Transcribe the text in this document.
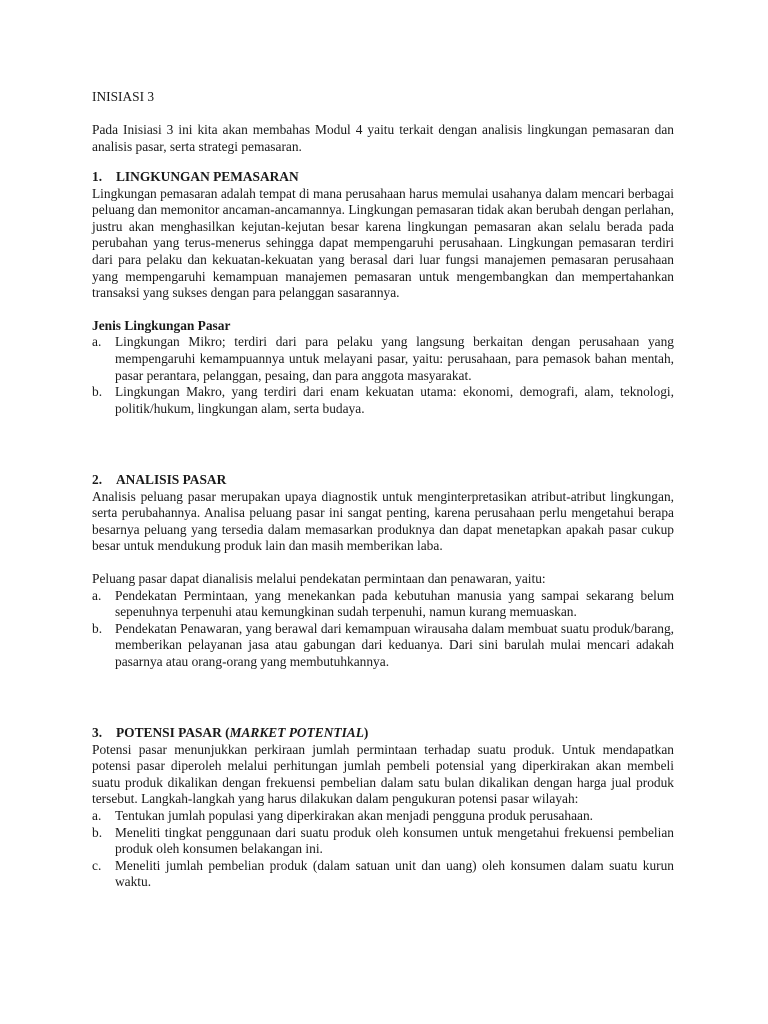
INISIASI 3

Pada Inisiasi 3 ini kita akan membahas Modul 4 yaitu terkait dengan analisis lingkungan pemasaran dan analisis pasar, serta strategi pemasaran.

1. LINGKUNGAN PEMASARAN

Lingkungan pemasaran adalah tempat di mana perusahaan harus memulai usahanya dalam mencari berbagai peluang dan memonitor ancaman-ancamannya. Lingkungan pemasaran tidak akan berubah dengan perlahan, justru akan menghasilkan kejutan-kejutan besar karena lingkungan pemasaran akan selalu berada pada perubahan yang terus-menerus sehingga dapat mempengaruhi perusahaan. Lingkungan pemasaran terdiri dari para pelaku dan kekuatan-kekuatan yang berasal dari luar fungsi manajemen pemasaran perusahaan yang mempengaruhi kemampuan manajemen pemasaran untuk mengembangkan dan mempertahankan transaksi yang sukses dengan para pelanggan sasarannya.

Jenis Lingkungan Pasar

a. Lingkungan Mikro; terdiri dari para pelaku yang langsung berkaitan dengan perusahaan yang mempengaruhi kemampuannya untuk melayani pasar, yaitu: perusahaan, para pemasok bahan mentah, pasar perantara, pelanggan, pesaing, dan para anggota masyarakat.
b. Lingkungan Makro, yang terdiri dari enam kekuatan utama: ekonomi, demografi, alam, teknologi, politik/hukum, lingkungan alam, serta budaya.

2. ANALISIS PASAR

Analisis peluang pasar merupakan upaya diagnostik untuk menginterpretasikan atribut-atribut lingkungan, serta perubahannya. Analisa peluang pasar ini sangat penting, karena perusahaan perlu mengetahui berapa besarnya peluang yang tersedia dalam memasarkan produknya dan dapat menetapkan apakah pasar cukup besar untuk mendukung produk lain dan masih memberikan laba.

Peluang pasar dapat dianalisis melalui pendekatan permintaan dan penawaran, yaitu:

a. Pendekatan Permintaan, yang menekankan pada kebutuhan manusia yang sampai sekarang belum sepenuhnya terpenuhi atau kemungkinan sudah terpenuhi, namun kurang memuaskan.
b. Pendekatan Penawaran, yang berawal dari kemampuan wirausaha dalam membuat suatu produk/barang, memberikan pelayanan jasa atau gabungan dari keduanya. Dari sini barulah mulai mencari adakah pasarnya atau orang-orang yang membutuhkannya.

3. POTENSI PASAR (MARKET POTENTIAL)

Potensi pasar menunjukkan perkiraan jumlah permintaan terhadap suatu produk. Untuk mendapatkan potensi pasar diperoleh melalui perhitungan jumlah pembeli potensial yang diperkirakan akan membeli suatu produk dikalikan dengan frekuensi pembelian dalam satu bulan dikalikan dengan harga jual produk tersebut. Langkah-langkah yang harus dilakukan dalam pengukuran potensi pasar wilayah:

a. Tentukan jumlah populasi yang diperkirakan akan menjadi pengguna produk perusahaan.
b. Meneliti tingkat penggunaan dari suatu produk oleh konsumen untuk mengetahui frekuensi pembelian produk oleh konsumen belakangan ini.
c. Meneliti jumlah pembelian produk (dalam satuan unit dan uang) oleh konsumen dalam suatu kurun waktu.
